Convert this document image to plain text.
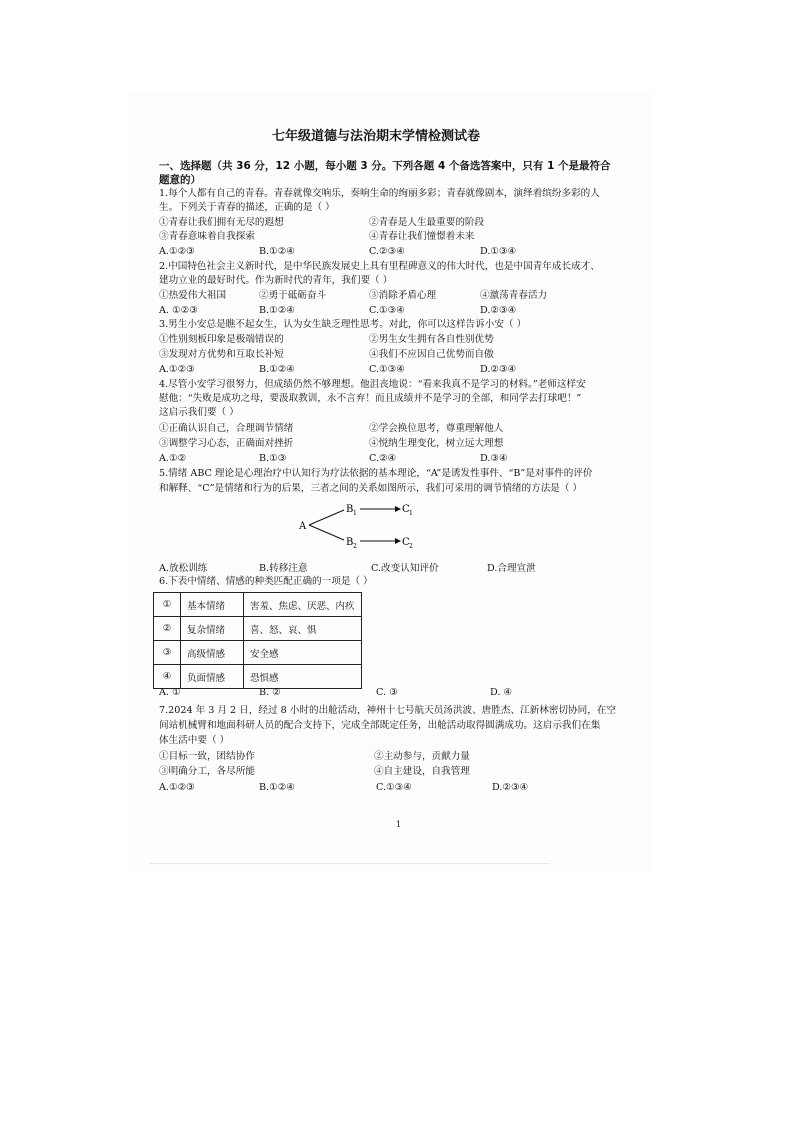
七年级道德与法治期末学情检测试卷
一、选择题（共 36 分，12 小题，每小题 3 分。下列各题 4 个备选答案中，只有 1 个是最符合
题意的）
1.每个人都有自己的青春。青春就像交响乐，奏响生命的绚丽多彩；青春就像剧本，演绎着缤纷多彩的人
生。下列关于青春的描述，正确的是（ ）
①青春让我们拥有无尽的遐想	②青春是人生最重要的阶段
③青春意味着自我探索	④青春让我们憧憬着未来
A.①②③	B.①②④	C.②③④	D.①③④
2.中国特色社会主义新时代，是中华民族发展史上具有里程碑意义的伟大时代，也是中国青年成长成才、
建功立业的最好时代。作为新时代的青年，我们要（ ）
①热爱伟大祖国	②勇于砥砺奋斗	③消除矛盾心理	④激荡青春活力
A. ①②③	B.①②④	C.①③④	D.②③④
3.男生小安总是瞧不起女生，认为女生缺乏理性思考。对此，你可以这样告诉小安（ ）
①性别刻板印象是极端错误的	②男生女生拥有各自性别优势
③发现对方优势和互取长补短	④我们不应因自己优势而自傲
A.①②③	B.①②④	C.①③④	D.②③④
4.尽管小安学习很努力，但成绩仍然不够理想。他沮丧地说：“看来我真不是学习的材料。”老师这样安
慰他：“失败是成功之母，要汲取教训，永不言弃！而且成绩并不是学习的全部，和同学去打球吧！”
这启示我们要（ ）
①正确认识自己，合理调节情绪	②学会换位思考，尊重理解他人
③调整学习心态，正确面对挫折	④悦纳生理变化，树立远大理想
A.①②	B.①③	C.②④	D.③④
5.情绪 ABC 理论是心理治疗中认知行为疗法依据的基本理论，“A”是诱发性事件、“B”是对事件的评价
和解释、“C”是情绪和行为的后果，三者之间的关系如图所示，我们可采用的调节情绪的方法是（ ）
A
B 1	C 1
B 2	C 2
A.放松训练	B.转移注意	C.改变认知评价	D.合理宣泄
6.下表中情绪、情感的种类匹配正确的一项是（ ）
①	基本情绪	害羞、焦虑、厌恶、内疚
②	复杂情绪	喜、怒、哀、惧
③	高级情感	安全感
④	负面情感	恐惧感
A. ①	B. ②	C. ③	D. ④
7.2024 年 3 月 2 日，经过 8 小时的出舱活动，神州十七号航天员汤洪波、唐胜杰、江新林密切协同，在空
间站机械臂和地面科研人员的配合支持下，完成全部既定任务，出舱活动取得圆满成功。这启示我们在集
体生活中要（ ）
①目标一致，团结协作	②主动参与，贡献力量
③明确分工，各尽所能	④自主建设，自我管理
A.①②③	B.①②④	C.①③④	D.②③④
1
